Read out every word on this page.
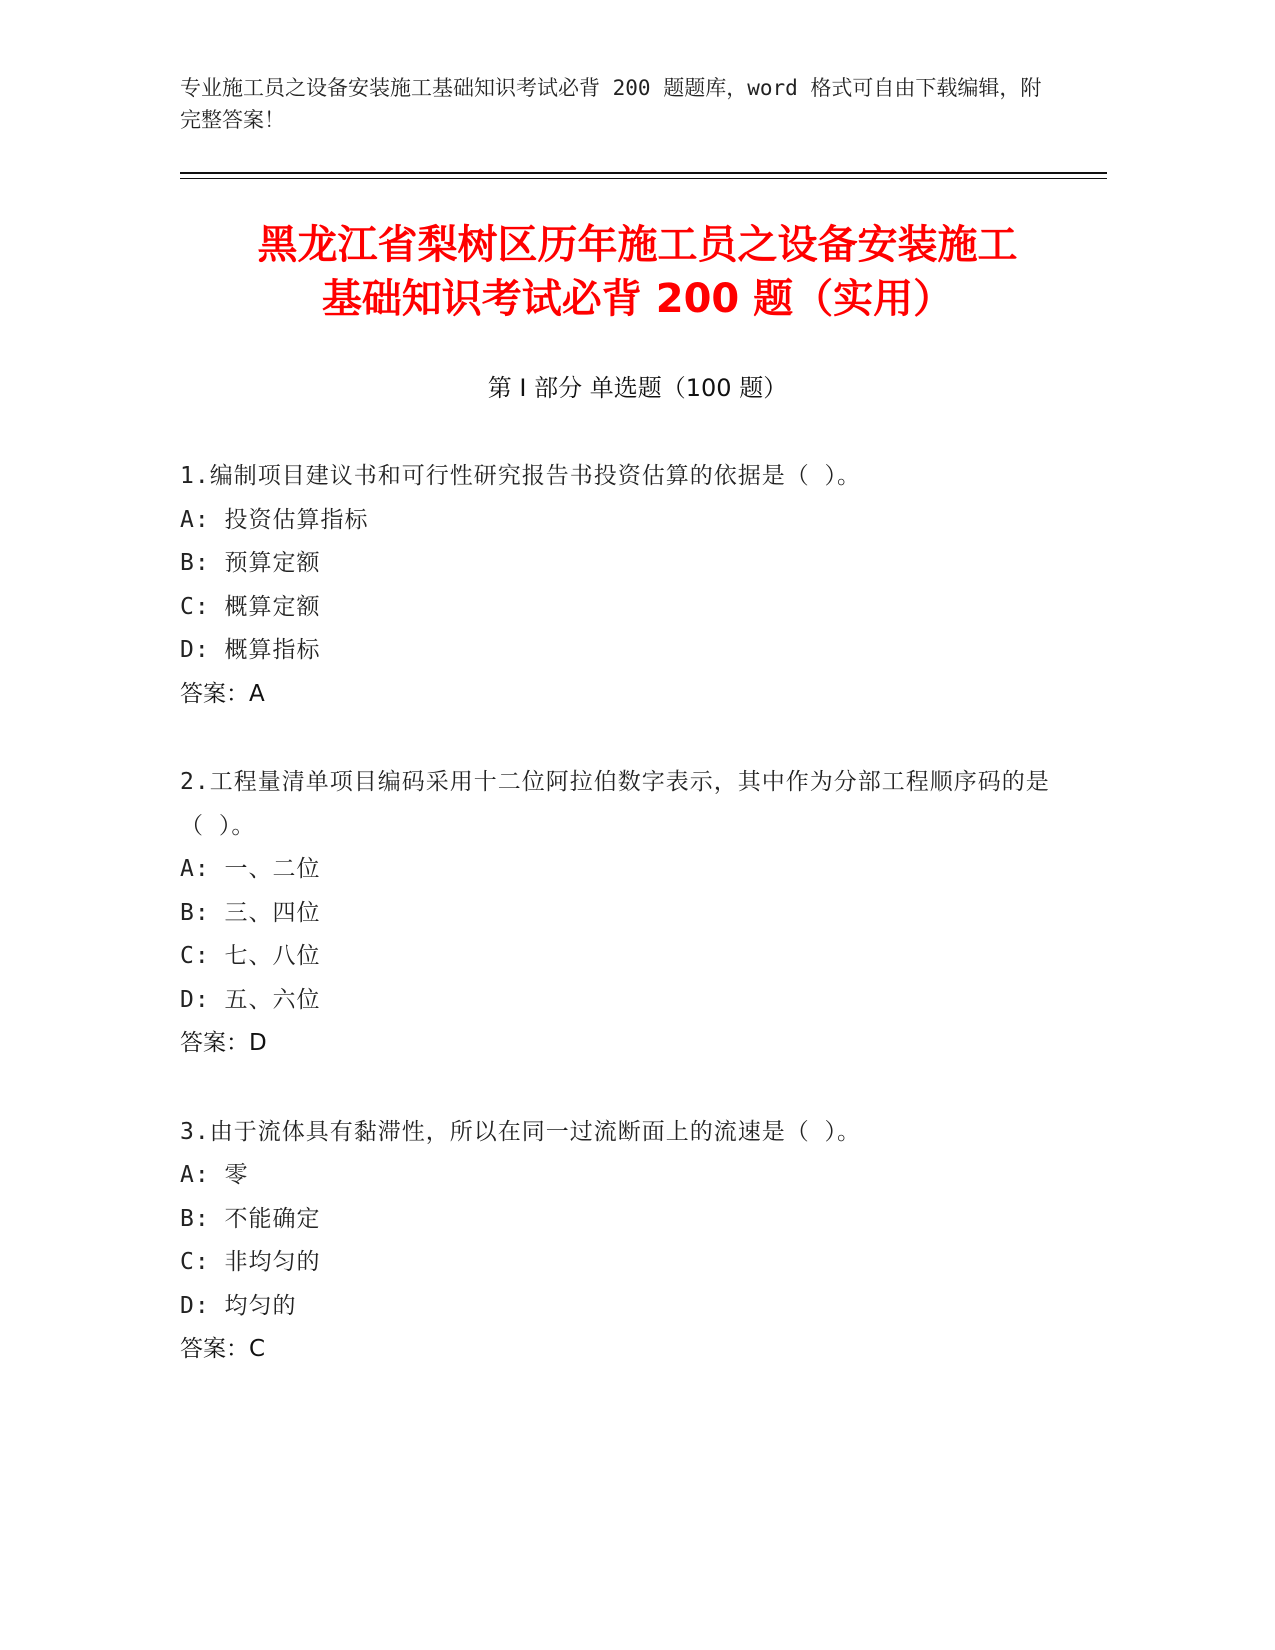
专业施工员之设备安装施工基础知识考试必背 200 题题库，word 格式可自由下载编辑，附完整答案！
黑龙江省梨树区历年施工员之设备安装施工
基础知识考试必背 200 题（实用）
第 I 部分 单选题（100 题）

1.编制项目建议书和可行性研究报告书投资估算的依据是（ ）。

A: 投资估算指标

B: 预算定额

C: 概算定额

D: 概算指标

答案：A

2.工程量清单项目编码采用十二位阿拉伯数字表示，其中作为分部工程顺序码的是（ ）。

A: 一、二位

B: 三、四位

C: 七、八位

D: 五、六位

答案：D

3.由于流体具有黏滞性，所以在同一过流断面上的流速是（ ）。

A: 零

B: 不能确定

C: 非均匀的

D: 均匀的

答案：C
